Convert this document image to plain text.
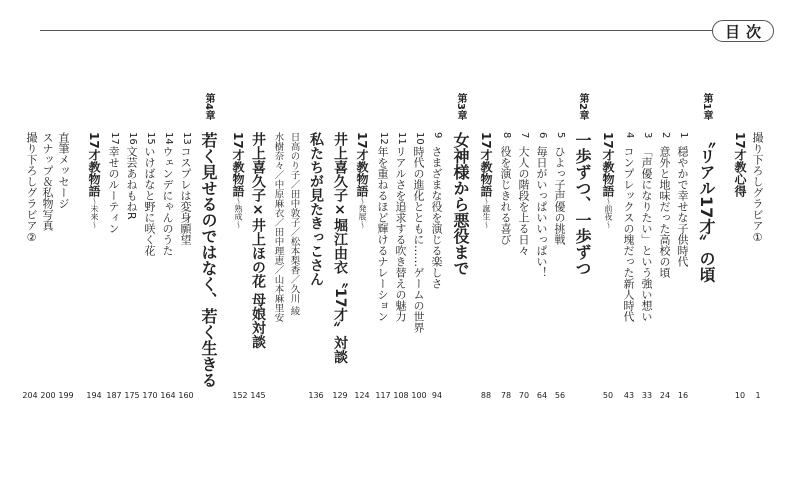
目次
撮り下ろしグラビア①
1
17才教心得
10
第1章
〝リアル17才〞の頃
1
穏やかで幸せな子供時代
16
2
意外と地味だった高校の頃
24
3
「声優になりたい」という強い想い
33
4
コンプレックスの塊だった新人時代
43
17才教物語〜前夜〜
50
第2章
一歩ずつ、一歩ずつ
5
ひよっ子声優の挑戦
56
6
毎日がいっぱいいっぱい！
64
7
大人の階段を上る日々
70
8
役を演じきれる喜び
78
17才教物語〜誕生〜
88
第3章
女神様から悪役まで
9
さまざまな役を演じる楽しさ
94
10
時代の進化とともに……ゲームの世界
100
11
リアルさを追求する吹き替えの魅力
108
12
年を重ねるほど輝けるナレーション
117
17才教物語〜発展〜
124
井上喜久子×堀江由衣〝17才〞対談
129
私たちが見たきっこさん
136
日高のり子／田中敦子／松本梨香／久川 綾
水樹奈々／中原麻衣／田中理恵／山本麻里安
井上喜久子×井上ほの花 母娘対談
145
17才教物語〜熟成〜
152
第4章
若く見せるのではなく、若く生きる
13
コスプレは変身願望
160
14
ウェンデにゃんのうた
164
15
いけばなと野に咲く花
170
16
文芸あねもねR
175
17
幸せのルーティン
187
17才教物語〜未来〜
194
直筆メッセージ
199
スナップ＆私物写真
200
撮り下ろしグラビア②
204
